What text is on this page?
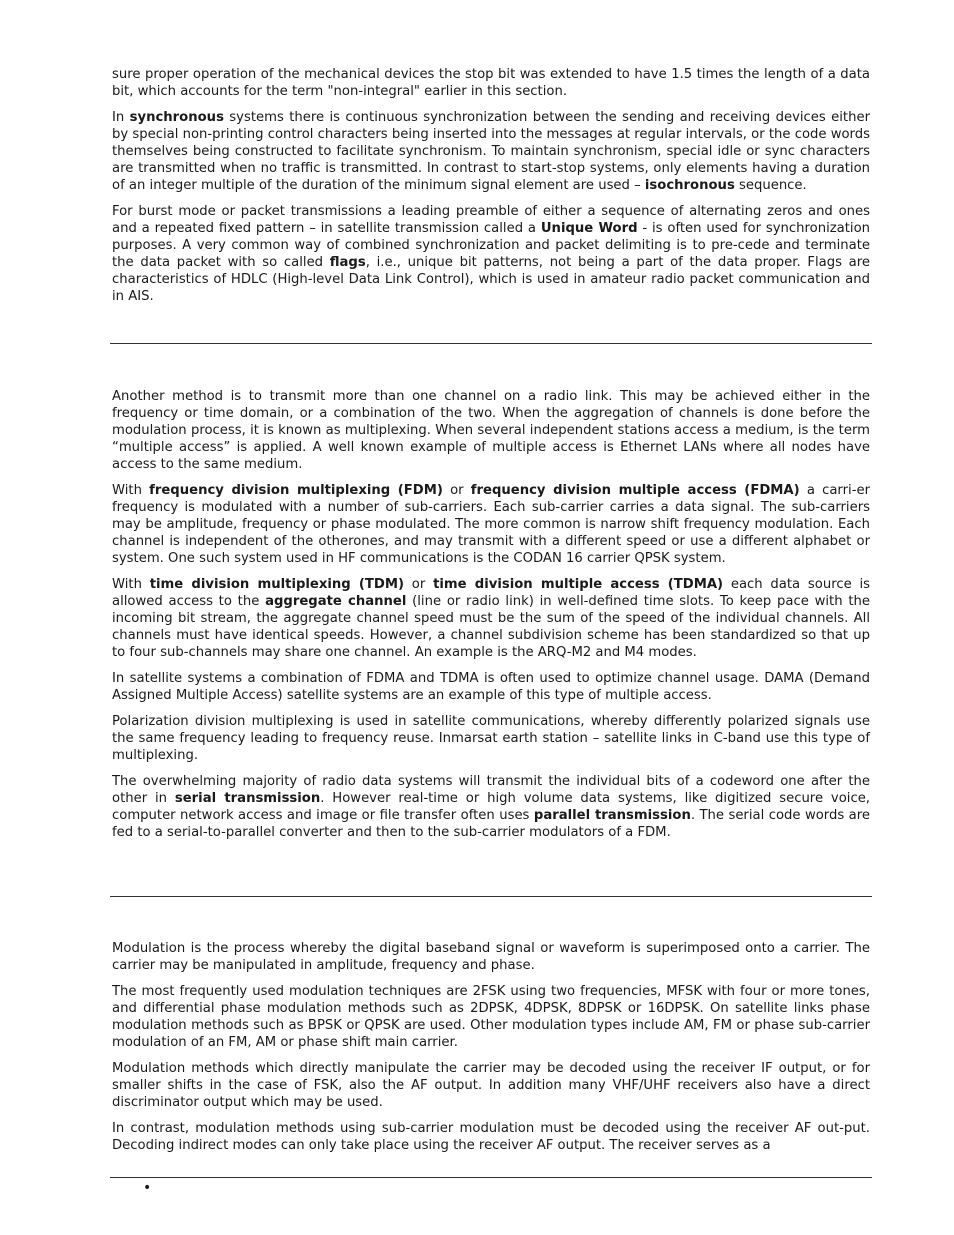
sure proper operation of the mechanical devices the stop bit was extended to have 1.5 times the length of a data bit, which accounts for the term "non-integral" earlier in this section.

In synchronous systems there is continuous synchronization between the sending and receiving devices either by special non-printing control characters being inserted into the messages at regular intervals, or the code words themselves being constructed to facilitate synchronism. To maintain synchronism, special idle or sync characters are transmitted when no traffic is transmitted. In contrast to start-stop systems, only elements having a duration of an integer multiple of the duration of the minimum signal element are used – isochronous sequence.

For burst mode or packet transmissions a leading preamble of either a sequence of alternating zeros and ones and a repeated fixed pattern – in satellite transmission called a Unique Word - is often used for synchronization purposes. A very common way of combined synchronization and packet delimiting is to pre-cede and terminate the data packet with so called flags, i.e., unique bit patterns, not being a part of the data proper. Flags are characteristics of HDLC (High-level Data Link Control), which is used in amateur radio packet communication and in AIS.

Another method is to transmit more than one channel on a radio link. This may be achieved either in the frequency or time domain, or a combination of the two. When the aggregation of channels is done before the modulation process, it is known as multiplexing. When several independent stations access a medium, is the term “multiple access” is applied. A well known example of multiple access is Ethernet LANs where all nodes have access to the same medium.

With frequency division multiplexing (FDM) or frequency division multiple access (FDMA) a carri-er frequency is modulated with a number of sub-carriers. Each sub-carrier carries a data signal. The sub-carriers may be amplitude, frequency or phase modulated. The more common is narrow shift frequency modulation. Each channel is independent of the otherones, and may transmit with a different speed or use a different alphabet or system. One such system used in HF communications is the CODAN 16 carrier QPSK system.

With time division multiplexing (TDM) or time division multiple access (TDMA) each data source is allowed access to the aggregate channel (line or radio link) in well-defined time slots. To keep pace with the incoming bit stream, the aggregate channel speed must be the sum of the speed of the individual channels. All channels must have identical speeds. However, a channel subdivision scheme has been standardized so that up to four sub-channels may share one channel. An example is the ARQ-M2 and M4 modes.

In satellite systems a combination of FDMA and TDMA is often used to optimize channel usage. DAMA (Demand Assigned Multiple Access) satellite systems are an example of this type of multiple access.

Polarization division multiplexing is used in satellite communications, whereby differently polarized signals use the same frequency leading to frequency reuse. Inmarsat earth station – satellite links in C-band use this type of multiplexing.

The overwhelming majority of radio data systems will transmit the individual bits of a codeword one after the other in serial transmission. However real-time or high volume data systems, like digitized secure voice, computer network access and image or file transfer often uses parallel transmission. The serial code words are fed to a serial-to-parallel converter and then to the sub-carrier modulators of a FDM.

Modulation is the process whereby the digital baseband signal or waveform is superimposed onto a carrier. The carrier may be manipulated in amplitude, frequency and phase.

The most frequently used modulation techniques are 2FSK using two frequencies, MFSK with four or more tones, and differential phase modulation methods such as 2DPSK, 4DPSK, 8DPSK or 16DPSK. On satellite links phase modulation methods such as BPSK or QPSK are used. Other modulation types include AM, FM or phase sub-carrier modulation of an FM, AM or phase shift main carrier.

Modulation methods which directly manipulate the carrier may be decoded using the receiver IF output, or for smaller shifts in the case of FSK, also the AF output. In addition many VHF/UHF receivers also have a direct discriminator output which may be used.

In contrast, modulation methods using sub-carrier modulation must be decoded using the receiver AF out-put. Decoding indirect modes can only take place using the receiver AF output. The receiver serves as a

•
